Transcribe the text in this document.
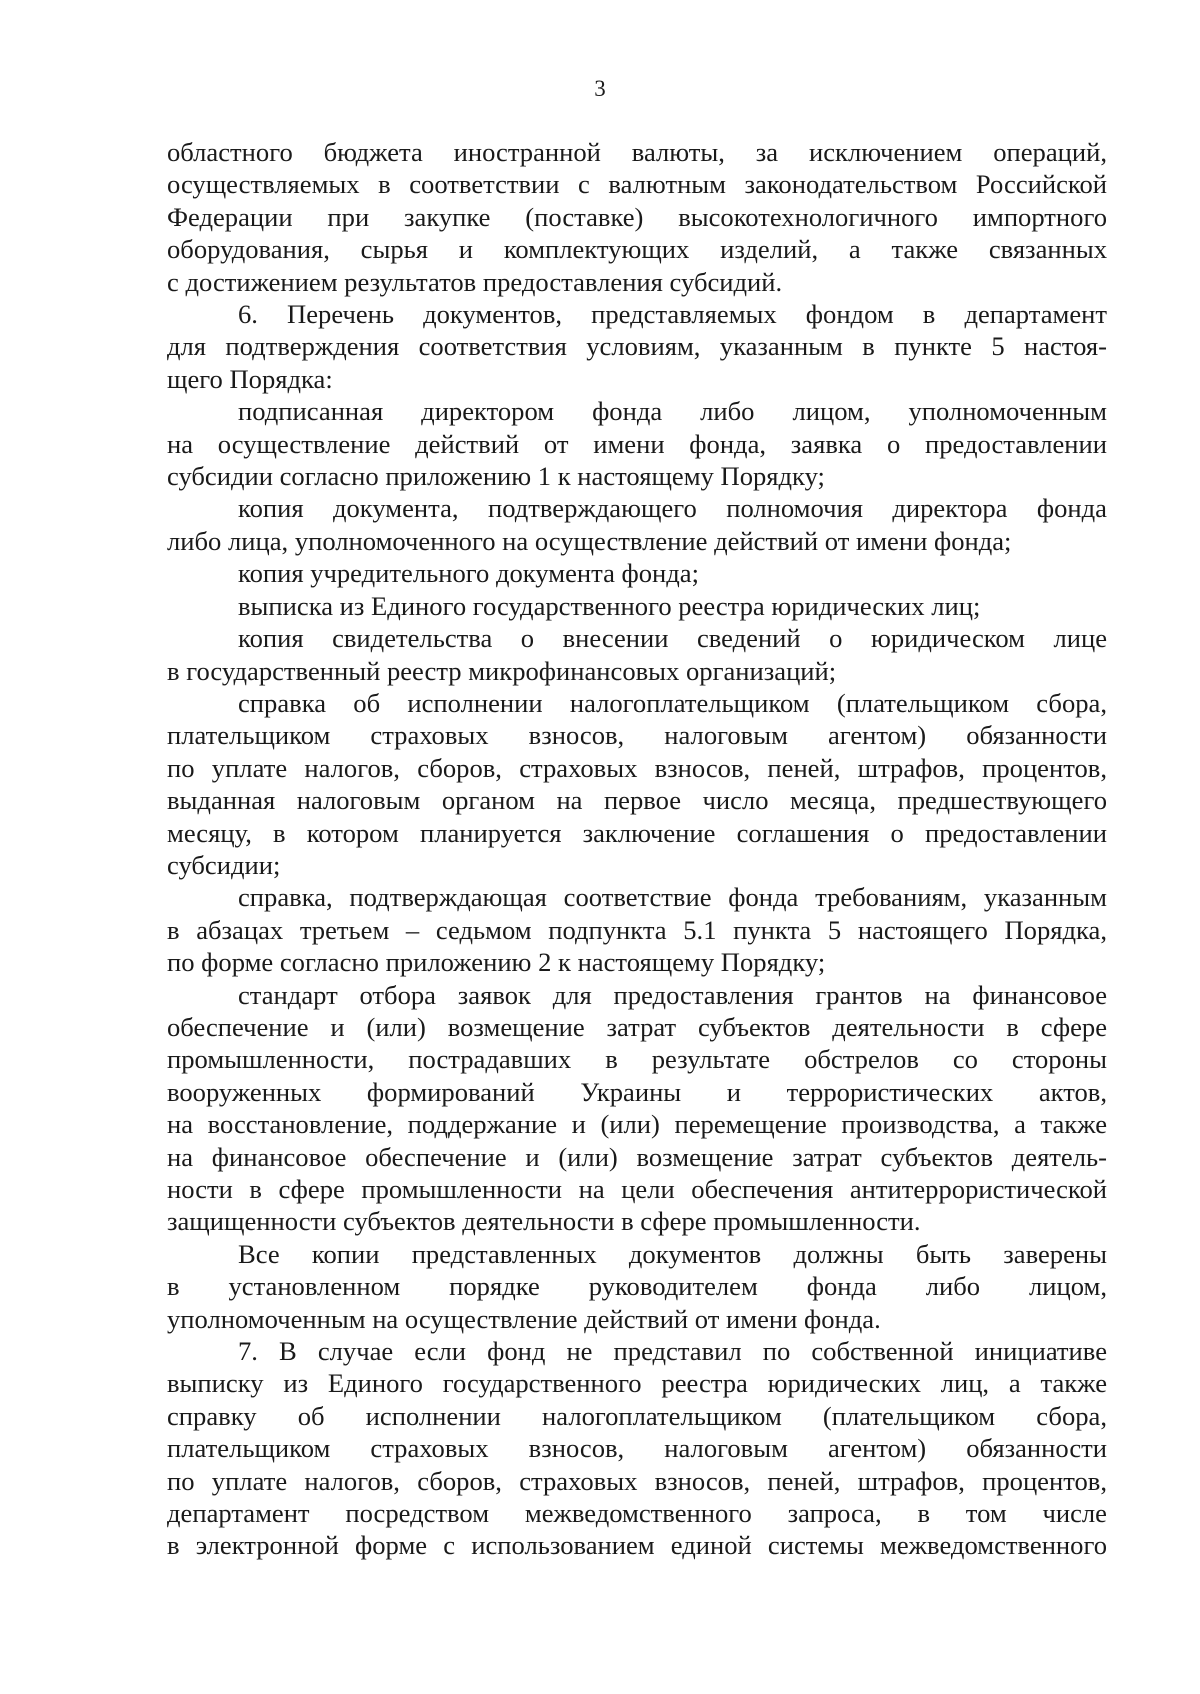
3
областного бюджета иностранной валюты, за исключением операций,
осуществляемых в соответствии с валютным законодательством Российской
Федерации при закупке (поставке) высокотехнологичного импортного
оборудования, сырья и комплектующих изделий, а также связанных
с достижением результатов предоставления субсидий.
6. Перечень документов, представляемых фондом в департамент
для подтверждения соответствия условиям, указанным в пункте 5 настоя-
щего Порядка:
подписанная директором фонда либо лицом, уполномоченным
на осуществление действий от имени фонда, заявка о предоставлении
субсидии согласно приложению 1 к настоящему Порядку;
копия документа, подтверждающего полномочия директора фонда
либо лица, уполномоченного на осуществление действий от имени фонда;
копия учредительного документа фонда;
выписка из Единого государственного реестра юридических лиц;
копия свидетельства о внесении сведений о юридическом лице
в государственный реестр микрофинансовых организаций;
справка об исполнении налогоплательщиком (плательщиком сбора,
плательщиком страховых взносов, налоговым агентом) обязанности
по уплате налогов, сборов, страховых взносов, пеней, штрафов, процентов,
выданная налоговым органом на первое число месяца, предшествующего
месяцу, в котором планируется заключение соглашения о предоставлении
субсидии;
справка, подтверждающая соответствие фонда требованиям, указанным
в абзацах третьем – седьмом подпункта 5.1 пункта 5 настоящего Порядка,
по форме согласно приложению 2 к настоящему Порядку;
стандарт отбора заявок для предоставления грантов на финансовое
обеспечение и (или) возмещение затрат субъектов деятельности в сфере
промышленности, пострадавших в результате обстрелов со стороны
вооруженных формирований Украины и террористических актов,
на восстановление, поддержание и (или) перемещение производства, а также
на финансовое обеспечение и (или) возмещение затрат субъектов деятель-
ности в сфере промышленности на цели обеспечения антитеррористической
защищенности субъектов деятельности в сфере промышленности.
Все копии представленных документов должны быть заверены
в установленном порядке руководителем фонда либо лицом,
уполномоченным на осуществление действий от имени фонда.
7. В случае если фонд не представил по собственной инициативе
выписку из Единого государственного реестра юридических лиц, а также
справку об исполнении налогоплательщиком (плательщиком сбора,
плательщиком страховых взносов, налоговым агентом) обязанности
по уплате налогов, сборов, страховых взносов, пеней, штрафов, процентов,
департамент посредством межведомственного запроса, в том числе
в электронной форме с использованием единой системы межведомственного
